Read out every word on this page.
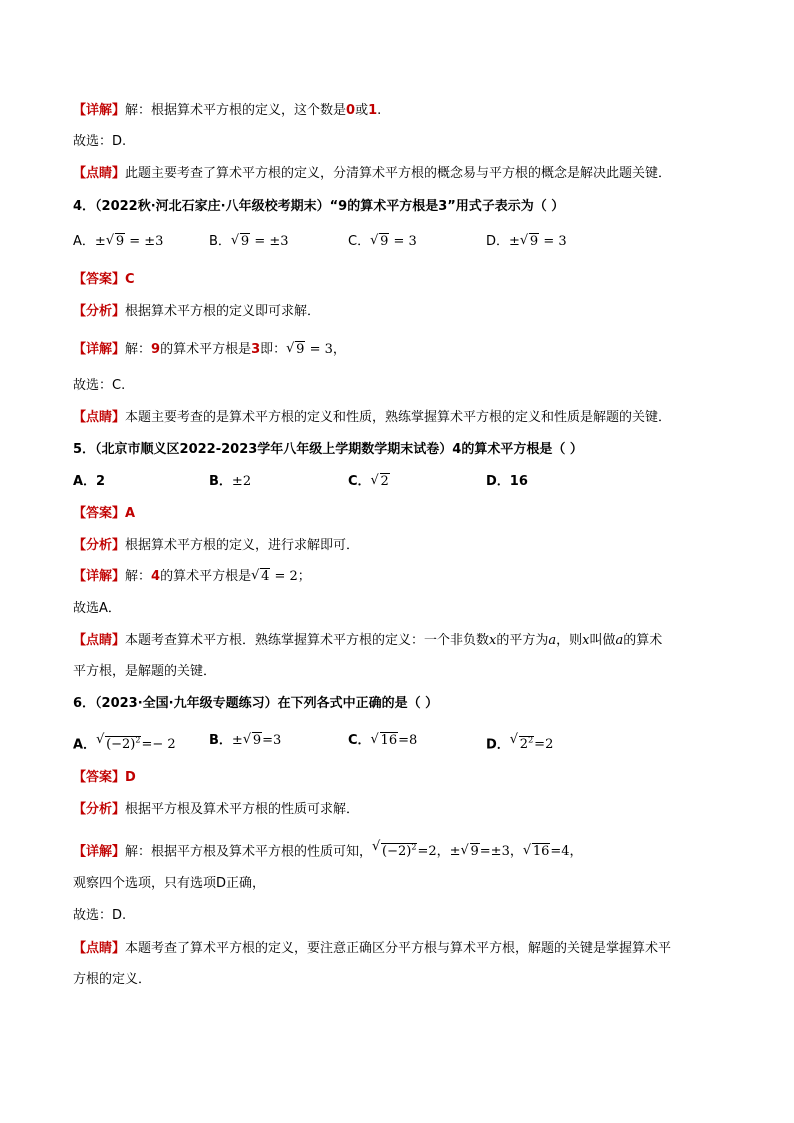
【详解】解：根据算术平方根的定义，这个数是0或1.
故选：D.
【点睛】此题主要考查了算术平方根的定义，分清算术平方根的概念易与平方根的概念是解决此题关键．
4．（2022秋·河北石家庄·八年级校考期末）“9的算术平方根是3”用式子表示为（ ）
A．± √ 9 = ±3	B． √ 9 = ±3	C． √ 9 = 3	D．± √ 9 = 3
【答案】C
【分析】根据算术平方根的定义即可求解．
【详解】解：9的算术平方根是3即： √ 9 = 3，
故选：C.
【点睛】本题主要考查的是算术平方根的定义和性质，熟练掌握算术平方根的定义和性质是解题的关键．
5．（北京市顺义区2022-2023学年八年级上学期数学期末试卷）4的算术平方根是（ ）
A．2	B．±2	C． √ 2	D．16
【答案】A
【分析】根据算术平方根的定义，进行求解即可．
【详解】解：4的算术平方根是 √ 4 = 2；
故选A．
【点睛】本题考查算术平方根．熟练掌握算术平方根的定义：一个非负数x的平方为a，则x叫做a的算术
平方根，是解题的关键．
6．（2023·全国·九年级专题练习）在下列各式中正确的是（ ）
A． √ $(-2)^2=- 2$	B．± √ 9=3	C． √ 16=8	D． √ $2^2=2$
【答案】D
【分析】根据平方根及算术平方根的性质可求解．
【详解】解：根据平方根及算术平方根的性质可知， √ $(-2)^2=2$，± √ 9=±3， √ 16=4，
观察四个选项，只有选项D正确，
故选：D.
【点睛】本题考查了算术平方根的定义，要注意正确区分平方根与算术平方根，解题的关键是掌握算术平
方根的定义．
